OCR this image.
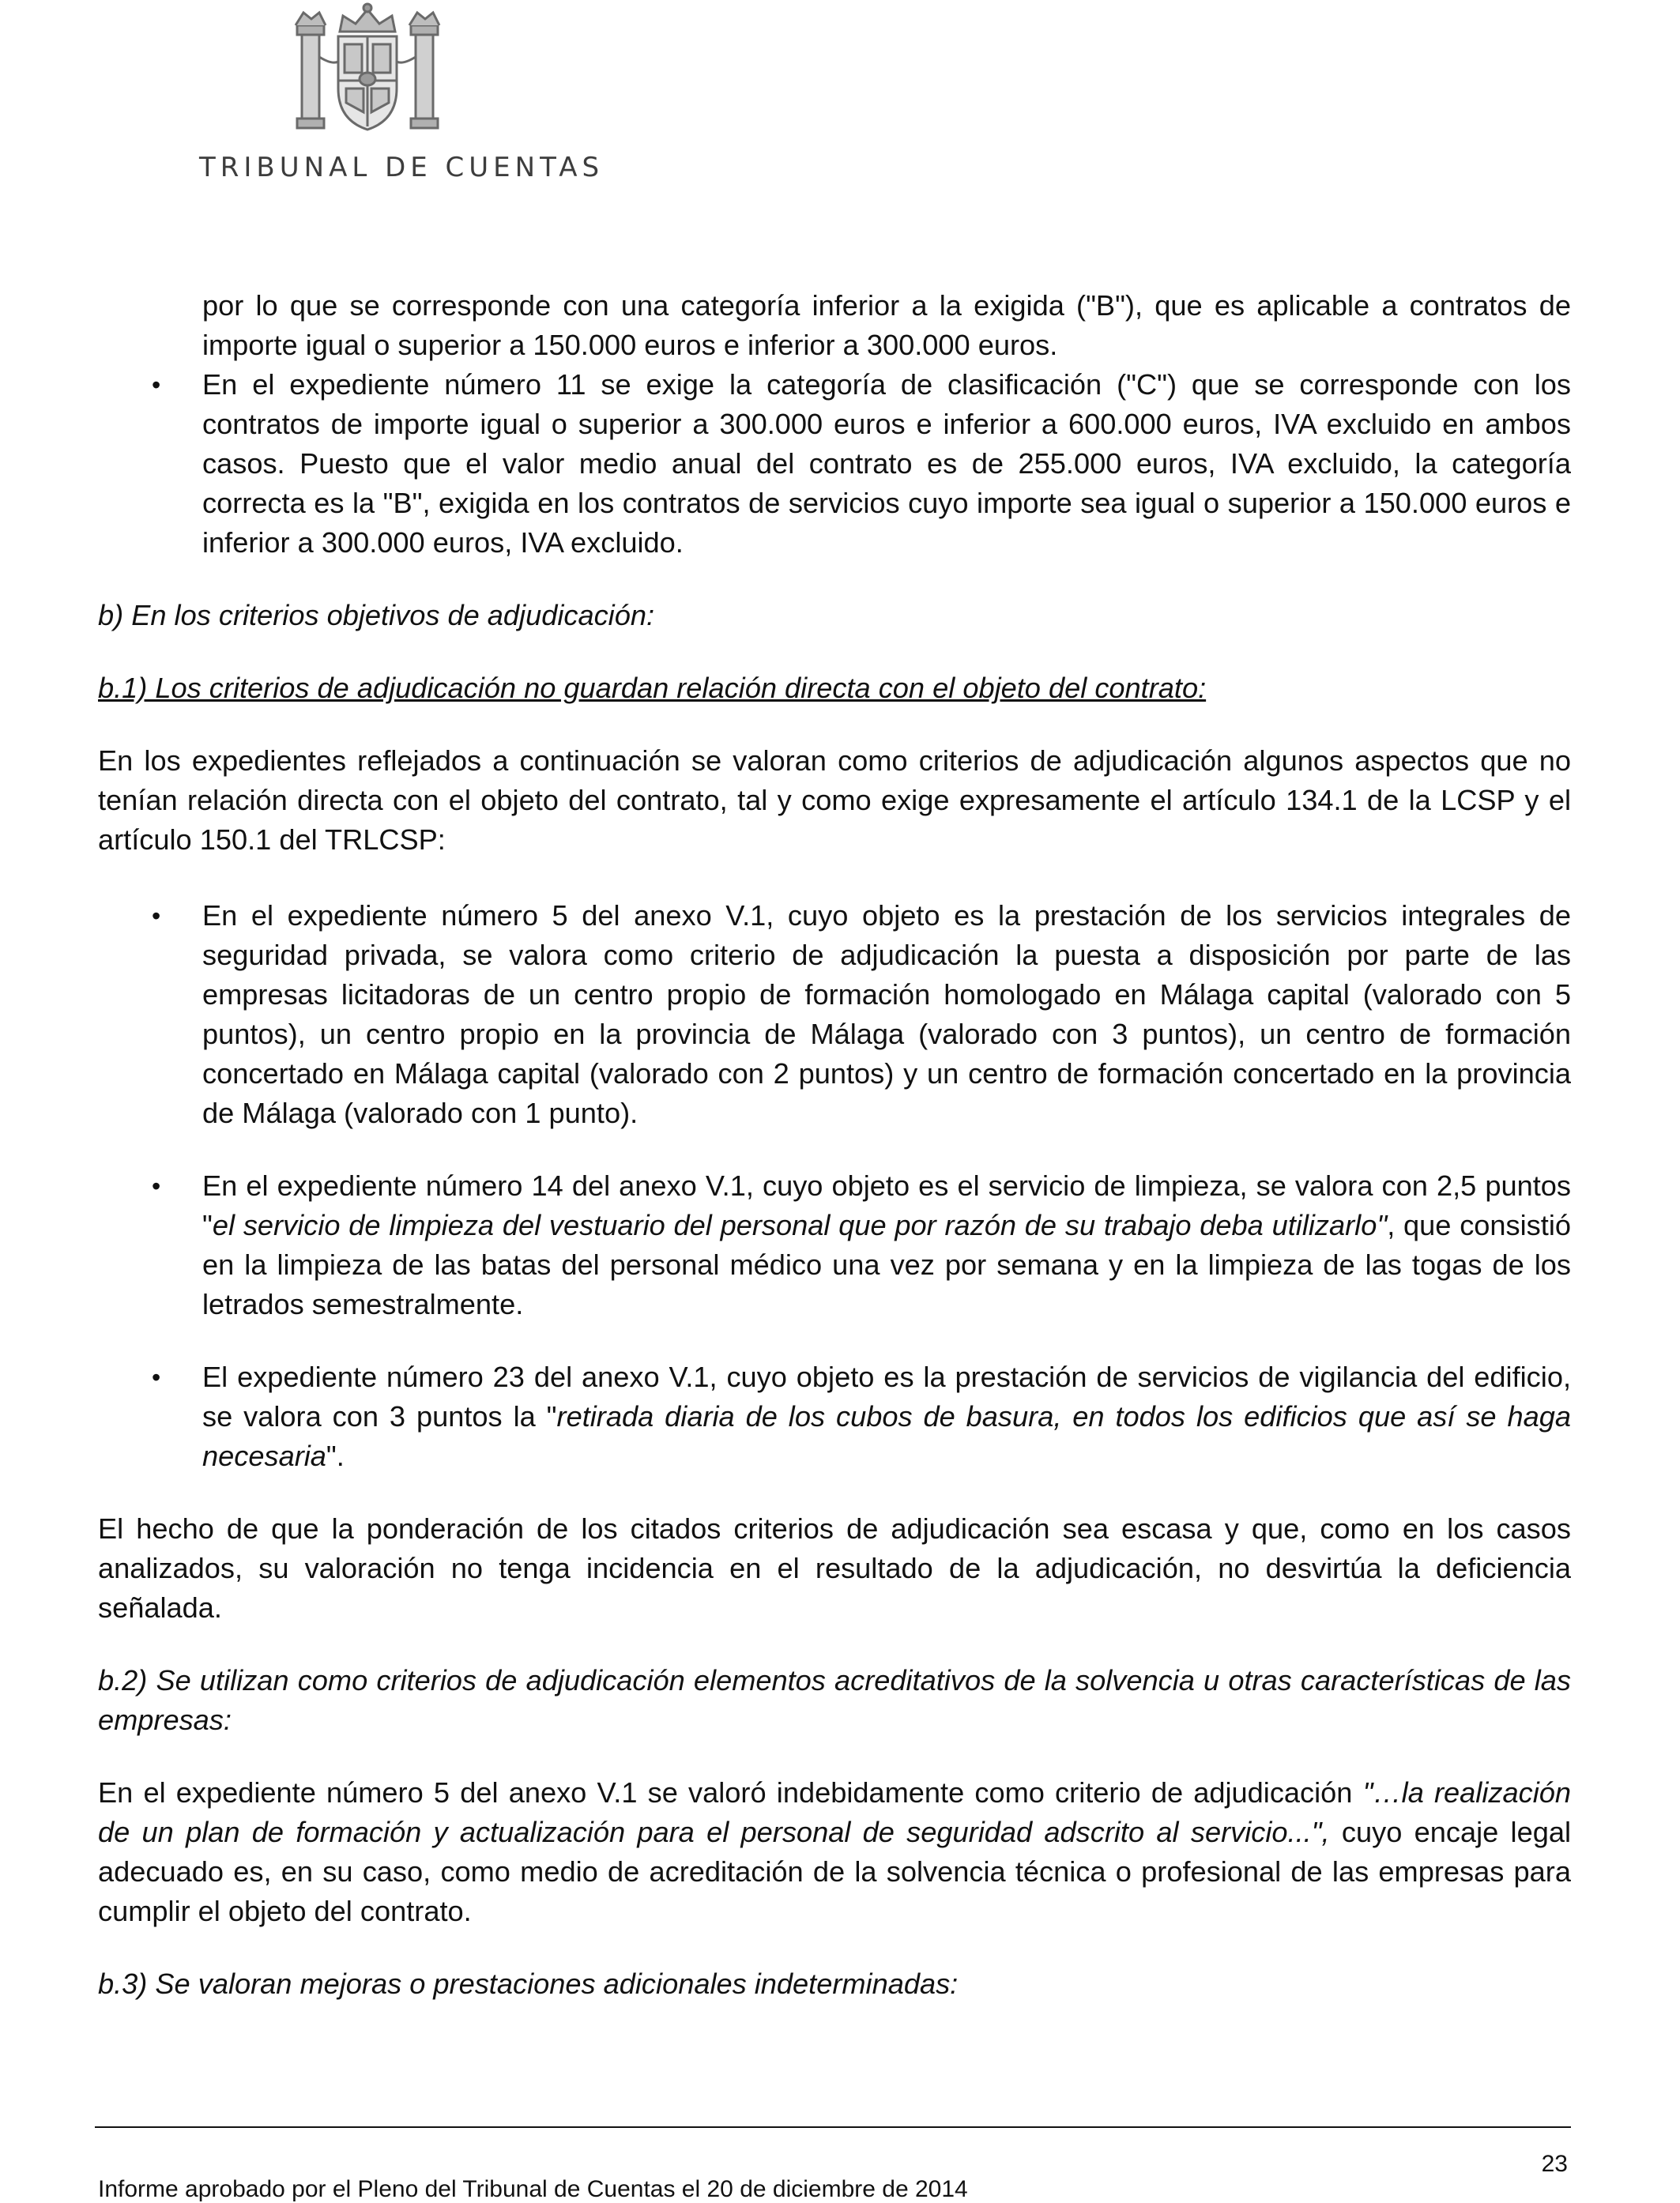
TRIBUNAL DE CUENTAS

por lo que se corresponde con una categoría inferior a la exigida ("B"), que es aplicable a contratos de importe igual o superior a 150.000 euros e inferior a 300.000 euros.

• En el expediente número 11 se exige la categoría de clasificación ("C") que se corresponde con los contratos de importe igual o superior a 300.000 euros e inferior a 600.000 euros, IVA excluido en ambos casos. Puesto que el valor medio anual del contrato es de 255.000 euros, IVA excluido, la categoría correcta es la "B", exigida en los contratos de servicios cuyo importe sea igual o superior a 150.000 euros e inferior a 300.000 euros, IVA excluido.

b) En los criterios objetivos de adjudicación:

b.1) Los criterios de adjudicación no guardan relación directa con el objeto del contrato:

En los expedientes reflejados a continuación se valoran como criterios de adjudicación algunos aspectos que no tenían relación directa con el objeto del contrato, tal y como exige expresamente el artículo 134.1 de la LCSP y el artículo 150.1 del TRLCSP:

• En el expediente número 5 del anexo V.1, cuyo objeto es la prestación de los servicios integrales de seguridad privada, se valora como criterio de adjudicación la puesta a disposición por parte de las empresas licitadoras de un centro propio de formación homologado en Málaga capital (valorado con 5 puntos), un centro propio en la provincia de Málaga (valorado con 3 puntos), un centro de formación concertado en Málaga capital (valorado con 2 puntos) y un centro de formación concertado en la provincia de Málaga (valorado con 1 punto).

• En el expediente número 14 del anexo V.1, cuyo objeto es el servicio de limpieza, se valora con 2,5 puntos "el servicio de limpieza del vestuario del personal que por razón de su trabajo deba utilizarlo", que consistió en la limpieza de las batas del personal médico una vez por semana y en la limpieza de las togas de los letrados semestralmente.

• El expediente número 23 del anexo V.1, cuyo objeto es la prestación de servicios de vigilancia del edificio, se valora con 3 puntos la "retirada diaria de los cubos de basura, en todos los edificios que así se haga necesaria".

El hecho de que la ponderación de los citados criterios de adjudicación sea escasa y que, como en los casos analizados, su valoración no tenga incidencia en el resultado de la adjudicación, no desvirtúa la deficiencia señalada.

b.2) Se utilizan como criterios de adjudicación elementos acreditativos de la solvencia u otras características de las empresas:

En el expediente número 5 del anexo V.1 se valoró indebidamente como criterio de adjudicación "…la realización de un plan de formación y actualización para el personal de seguridad adscrito al servicio...", cuyo encaje legal adecuado es, en su caso, como medio de acreditación de la solvencia técnica o profesional de las empresas para cumplir el objeto del contrato.

b.3) Se valoran mejoras o prestaciones adicionales indeterminadas:

23
Informe aprobado por el Pleno del Tribunal de Cuentas el 20 de diciembre de 2014
